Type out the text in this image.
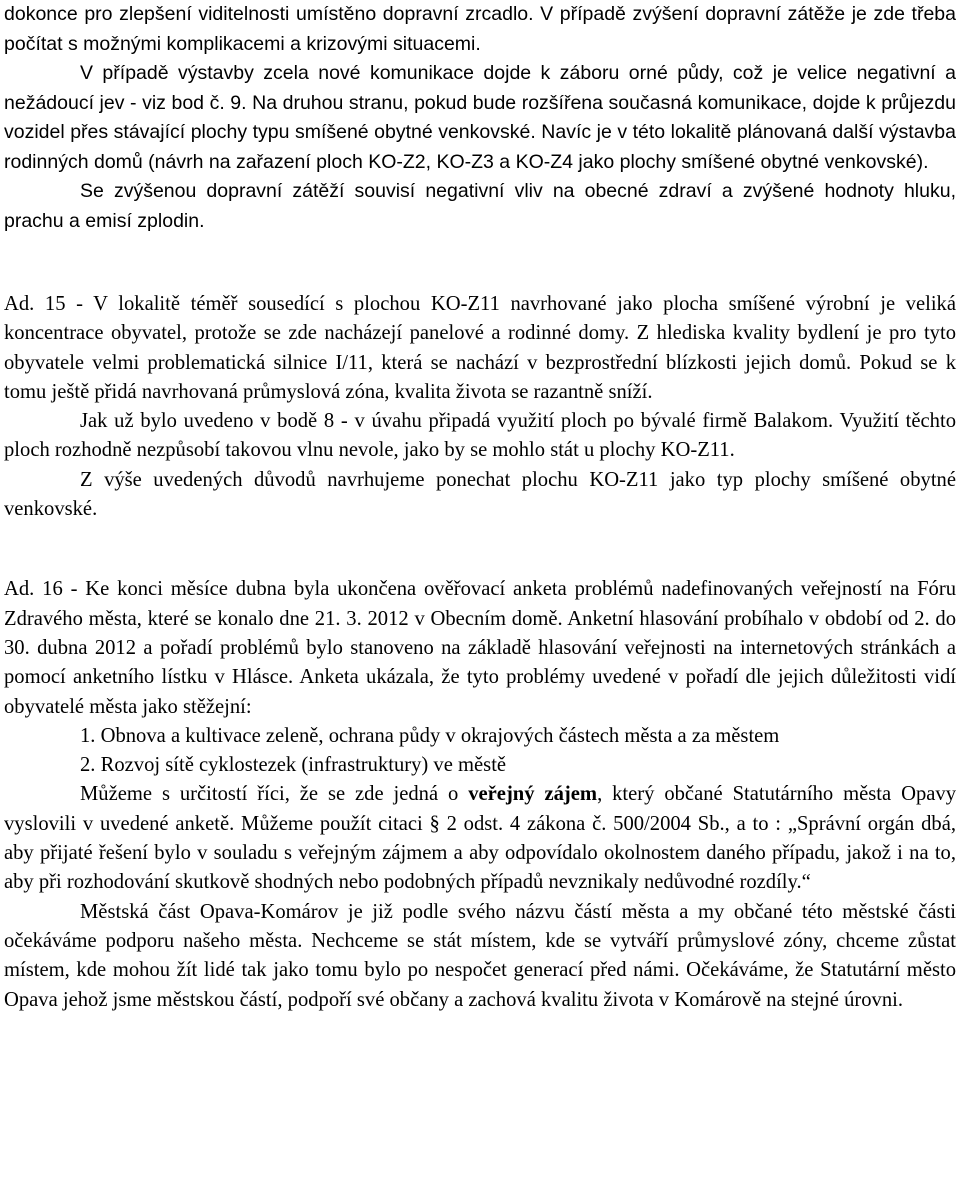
dokonce pro zlepšení viditelnosti umístěno dopravní zrcadlo. V případě zvýšení dopravní zátěže je zde třeba počítat s možnými komplikacemi a krizovými situacemi.

V případě výstavby zcela nové komunikace dojde k záboru orné půdy, což je velice negativní a nežádoucí jev - viz bod č. 9. Na druhou stranu, pokud bude rozšířena současná komunikace, dojde k průjezdu vozidel přes stávající plochy typu smíšené obytné venkovské. Navíc je v této lokalitě plánovaná další výstavba rodinných domů (návrh na zařazení ploch KO-Z2, KO-Z3 a KO-Z4 jako plochy smíšené obytné venkovské).

Se zvýšenou dopravní zátěží souvisí negativní vliv na obecné zdraví a zvýšené hodnoty hluku, prachu a emisí zplodin.

Ad. 15 - V lokalitě téměř sousedící s plochou KO-Z11 navrhované jako plocha smíšené výrobní je veliká koncentrace obyvatel, protože se zde nacházejí panelové a rodinné domy. Z hlediska kvality bydlení je pro tyto obyvatele velmi problematická silnice I/11, která se nachází v bezprostřední blízkosti jejich domů. Pokud se k tomu ještě přidá navrhovaná průmyslová zóna, kvalita života se razantně sníží.

Jak už bylo uvedeno v bodě 8 - v úvahu připadá využití ploch po bývalé firmě Balakom. Využití těchto ploch rozhodně nezpůsobí takovou vlnu nevole, jako by se mohlo stát u plochy KO-Z11.

Z výše uvedených důvodů navrhujeme ponechat plochu KO-Z11 jako typ plochy smíšené obytné venkovské.

Ad. 16 - Ke konci měsíce dubna byla ukončena ověřovací anketa problémů nadefinovaných veřejností na Fóru Zdravého města, které se konalo dne 21. 3. 2012 v Obecním domě. Anketní hlasování probíhalo v období od 2. do 30. dubna 2012 a pořadí problémů bylo stanoveno na základě hlasování veřejnosti na internetových stránkách a pomocí anketního lístku v Hlásce. Anketa ukázala, že tyto problémy uvedené v pořadí dle jejich důležitosti vidí obyvatelé města jako stěžejní:

1. Obnova a kultivace zeleně, ochrana půdy v okrajových částech města a za městem

2. Rozvoj sítě cyklostezek (infrastruktury) ve městě

Můžeme s určitostí říci, že se zde jedná o veřejný zájem, který občané Statutárního města Opavy vyslovili v uvedené anketě. Můžeme použít citaci § 2 odst. 4 zákona č. 500/2004 Sb., a to : „Správní orgán dbá, aby přijaté řešení bylo v souladu s veřejným zájmem a aby odpovídalo okolnostem daného případu, jakož i na to, aby při rozhodování skutkově shodných nebo podobných případů nevznikaly nedůvodné rozdíly.“

Městská část Opava-Komárov je již podle svého názvu částí města a my občané této městské části očekáváme podporu našeho města. Nechceme se stát místem, kde se vytváří průmyslové zóny, chceme zůstat místem, kde mohou žít lidé tak jako tomu bylo po nespočet generací před námi. Očekáváme, že Statutární město Opava jehož jsme městskou částí, podpoří své občany a zachová kvalitu života v Komárově na stejné úrovni.
